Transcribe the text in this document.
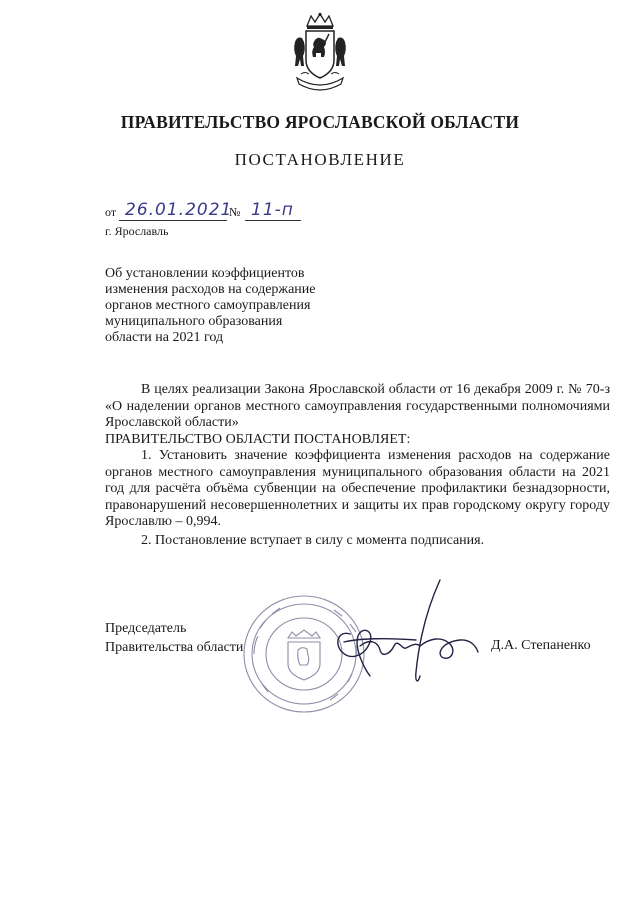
ПРАВИТЕЛЬСТВО ЯРОСЛАВСКОЙ ОБЛАСТИ
ПОСТАНОВЛЕНИЕ
от 26.01.2021
№ 11-п
г. Ярославль
Об установлении коэффициентов
изменения расходов на содержание
органов местного самоуправления
муниципального образования
области на 2021 год

В целях реализации Закона Ярославской области от 16 декабря 2009 г. № 70-з «О наделении органов местного самоуправления государственными полномочиями Ярославской области»

ПРАВИТЕЛЬСТВО ОБЛАСТИ ПОСТАНОВЛЯЕТ:

1. Установить значение коэффициента изменения расходов на содержание органов местного самоуправления муниципального образования области на 2021 год для расчёта объёма субвенции на обеспечение профилактики безнадзорности, правонарушений несовершеннолетних и защиты их прав городскому округу городу Ярославлю – 0,994.

2. Постановление вступает в силу с момента подписания.

Председатель
Правительства области	Д.А. Степаненко
